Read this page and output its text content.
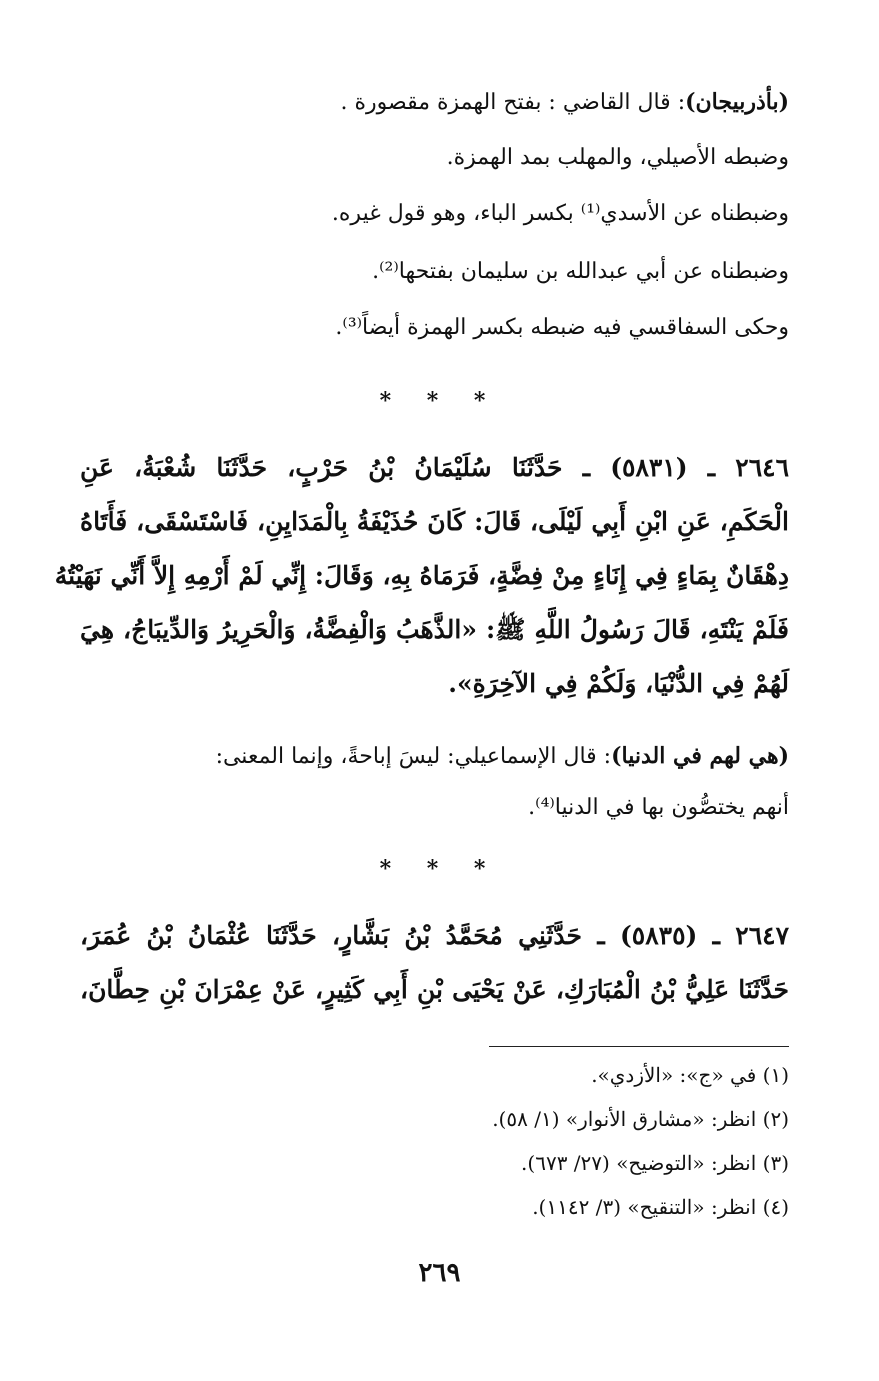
(بأذربيجان): قال القاضي : بفتح الهمزة مقصورة .
وضبطه الأصيلي، والمهلب بمد الهمزة.
وضبطناه عن الأسدي⁽¹⁾ بكسر الباء، وهو قول غيره.
وضبطناه عن أبي عبدالله بن سليمان بفتحها⁽²⁾.
وحكى السفاقسي فيه ضبطه بكسر الهمزة أيضاً⁽³⁾.
* * *
٢٦٤٦ ـ (٥٨٣١) ـ حَدَّثَنَا سُلَيْمَانُ بْنُ حَرْبٍ، حَدَّثَنَا شُعْبَةُ، عَنِ
الْحَكَمِ، عَنِ ابْنِ أَبِي لَيْلَى، قَالَ: كَانَ حُذَيْفَةُ بِالْمَدَايِنِ، فَاسْتَسْقَى، فَأَتَاهُ
دِهْقَانٌ بِمَاءٍ فِي إِنَاءٍ مِنْ فِضَّةٍ، فَرَمَاهُ بِهِ، وَقَالَ: إِنِّي لَمْ أَرْمِهِ إِلاَّ أَنِّي نَهَيْتُهُ
فَلَمْ يَنْتَهِ، قَالَ رَسُولُ اللَّهِ ﷺ: «الذَّهَبُ وَالْفِضَّةُ، وَالْحَرِيرُ وَالدِّيبَاجُ، هِيَ
لَهُمْ فِي الدُّنْيَا، وَلَكُمْ فِي الآخِرَةِ».
(هي لهم في الدنيا): قال الإسماعيلي: ليسَ إباحةً، وإنما المعنى:
أنهم يختصُّون بها في الدنيا⁽⁴⁾.
* * *
٢٦٤٧ ـ (٥٨٣٥) ـ حَدَّثَنِي مُحَمَّدُ بْنُ بَشَّارٍ، حَدَّثَنَا عُثْمَانُ بْنُ عُمَرَ،
حَدَّثَنَا عَلِيُّ بْنُ الْمُبَارَكِ، عَنْ يَحْيَى بْنِ أَبِي كَثِيرٍ، عَنْ عِمْرَانَ بْنِ حِطَّانَ،
(١) في «ج»: «الأزدي».
(٢) انظر: «مشارق الأنوار» (١/ ٥٨).
(٣) انظر: «التوضيح» (٢٧/ ٦٧٣).
(٤) انظر: «التنقيح» (٣/ ١١٤٢).
٢٦٩
